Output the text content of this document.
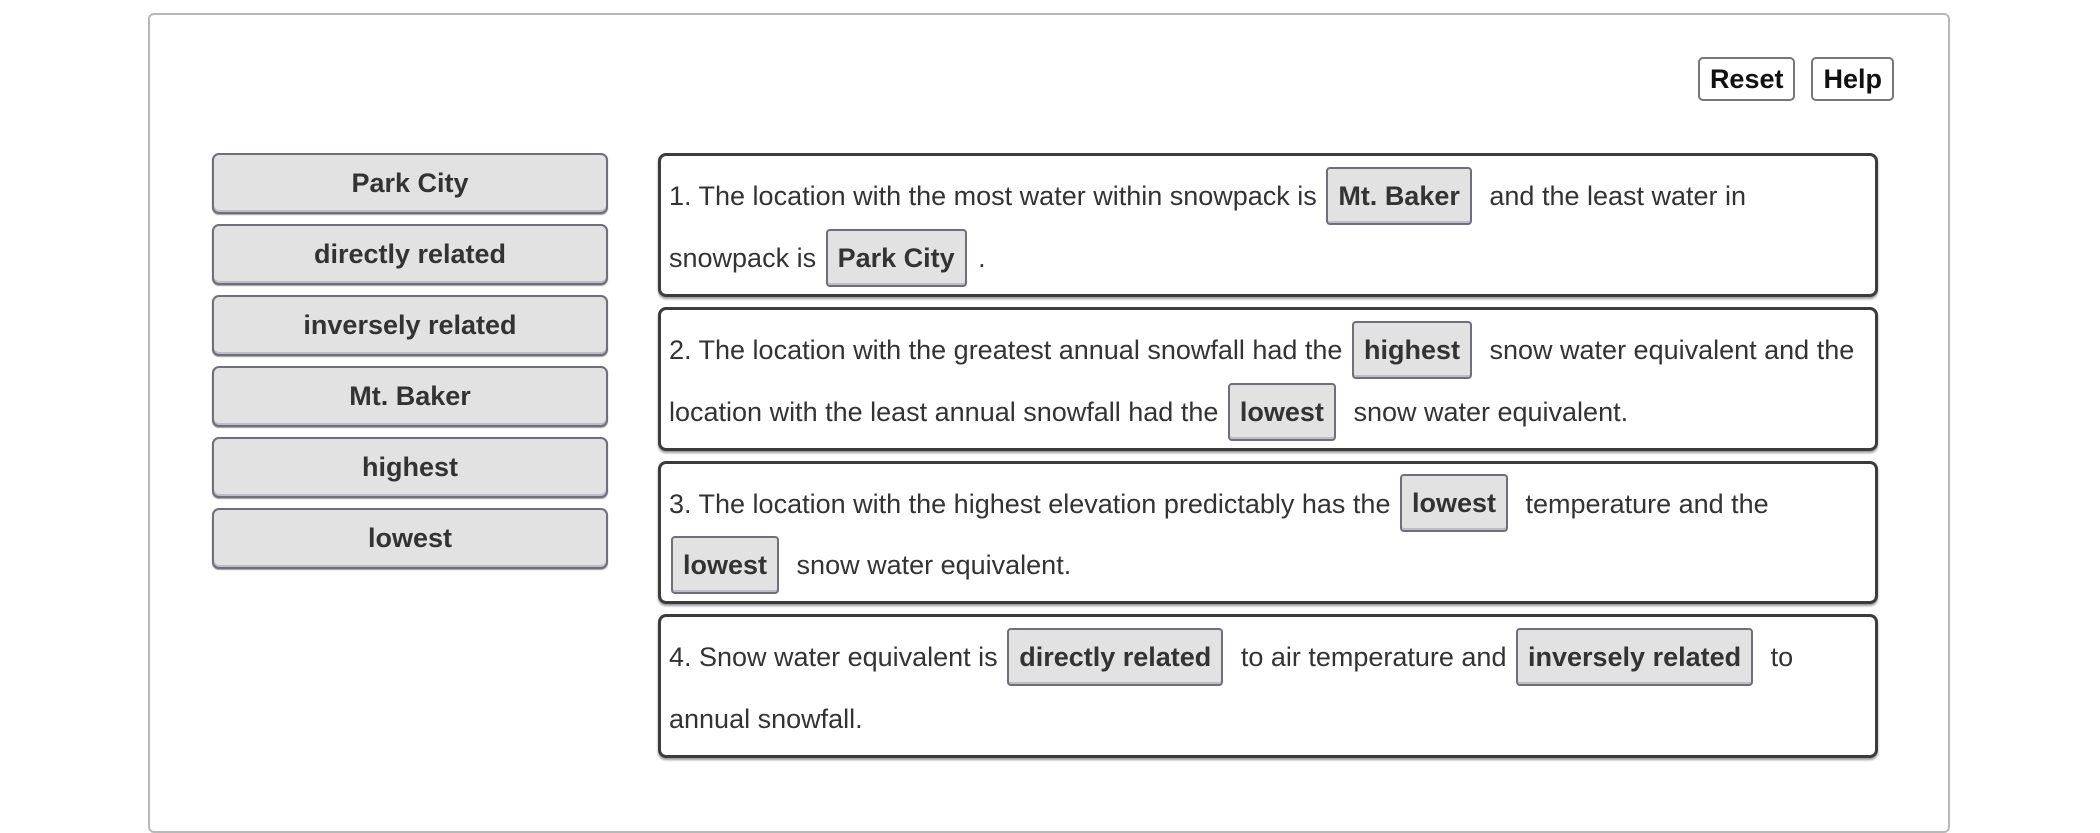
Reset	Help
Park City
directly related
inversely related
Mt. Baker
highest
lowest
1. The location with the most water within snowpack is Mt. Baker and the least water in snowpack is Park City .
2. The location with the greatest annual snowfall had the highest snow water equivalent and the location with the least annual snowfall had the lowest snow water equivalent.
3. The location with the highest elevation predictably has the lowest temperature and the lowest snow water equivalent.
4. Snow water equivalent is directly related to air temperature and inversely related to annual snowfall.
